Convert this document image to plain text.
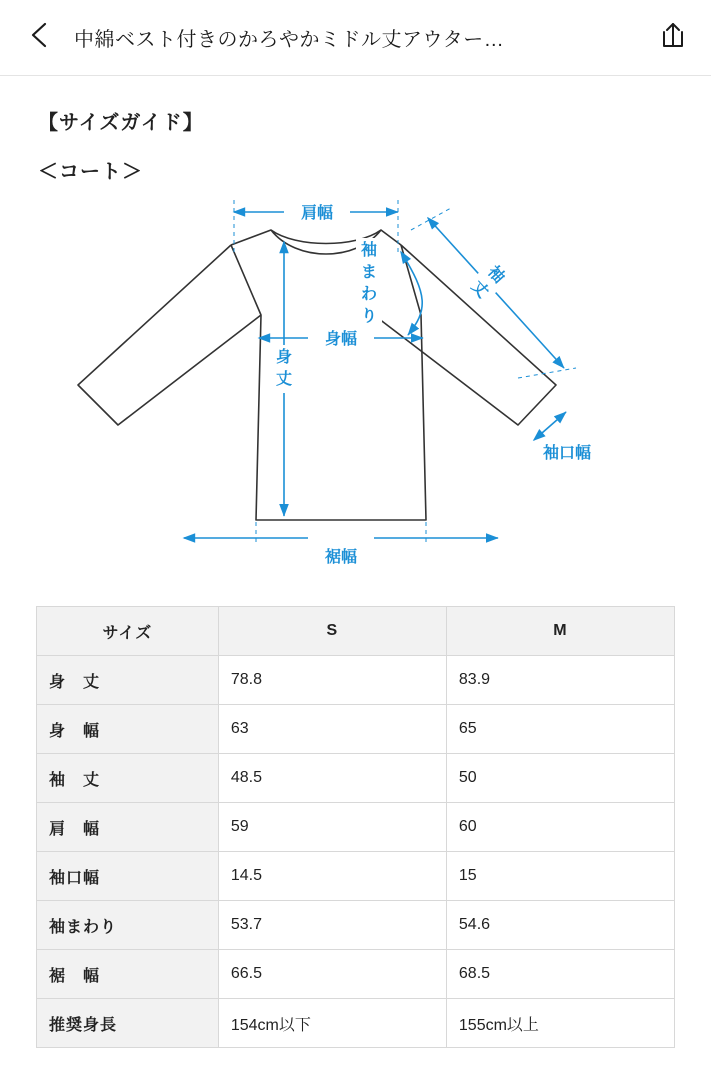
中綿ベスト付きのかろやかミドル丈アウター…
【サイズガイド】
＜コート＞
肩幅
身幅
身
丈
袖
ま
わ
り
袖
丈
袖口幅
裾幅
サイズ	S	M
身　丈	78.8	83.9
身　幅	63	65
袖　丈	48.5	50
肩　幅	59	60
袖口幅	14.5	15
袖まわり	53.7	54.6
裾　幅	66.5	68.5
推奨身長	154cm以下	155cm以上
